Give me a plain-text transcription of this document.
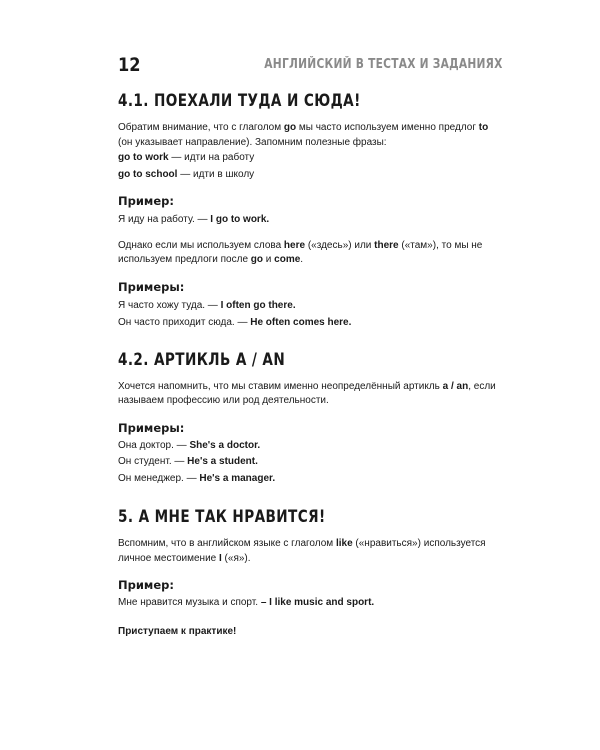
12	АНГЛИЙСКИЙ В ТЕСТАХ И ЗАДАНИЯХ
4.1. ПОЕХАЛИ ТУДА И СЮДА!

Обратим внимание, что с глаголом go мы часто используем именно предлог to

(он указывает направление). Запомним полезные фразы:

go to work — идти на работу

go to school — идти в школу

Пример:

Я иду на работу. — I go to work.

Однако если мы используем слова here («здесь») или there («там»), то мы не

используем предлоги после go и come.

Примеры:

Я часто хожу туда. — I often go there.

Он часто приходит сюда. — He often comes here.

4.2. АРТИКЛЬ A / AN

Хочется напомнить, что мы ставим именно неопределённый артикль a / an, если

называем профессию или род деятельности.

Примеры:

Она доктор. — She's a doctor.

Он студент. — He's a student.

Он менеджер. — He's a manager.

5. А МНЕ ТАК НРАВИТСЯ!

Вспомним, что в английском языке с глаголом like («нравиться») используется

личное местоимение I («я»).

Пример:

Мне нравится музыка и спорт. – I like music and sport.

Приступаем к практике!
